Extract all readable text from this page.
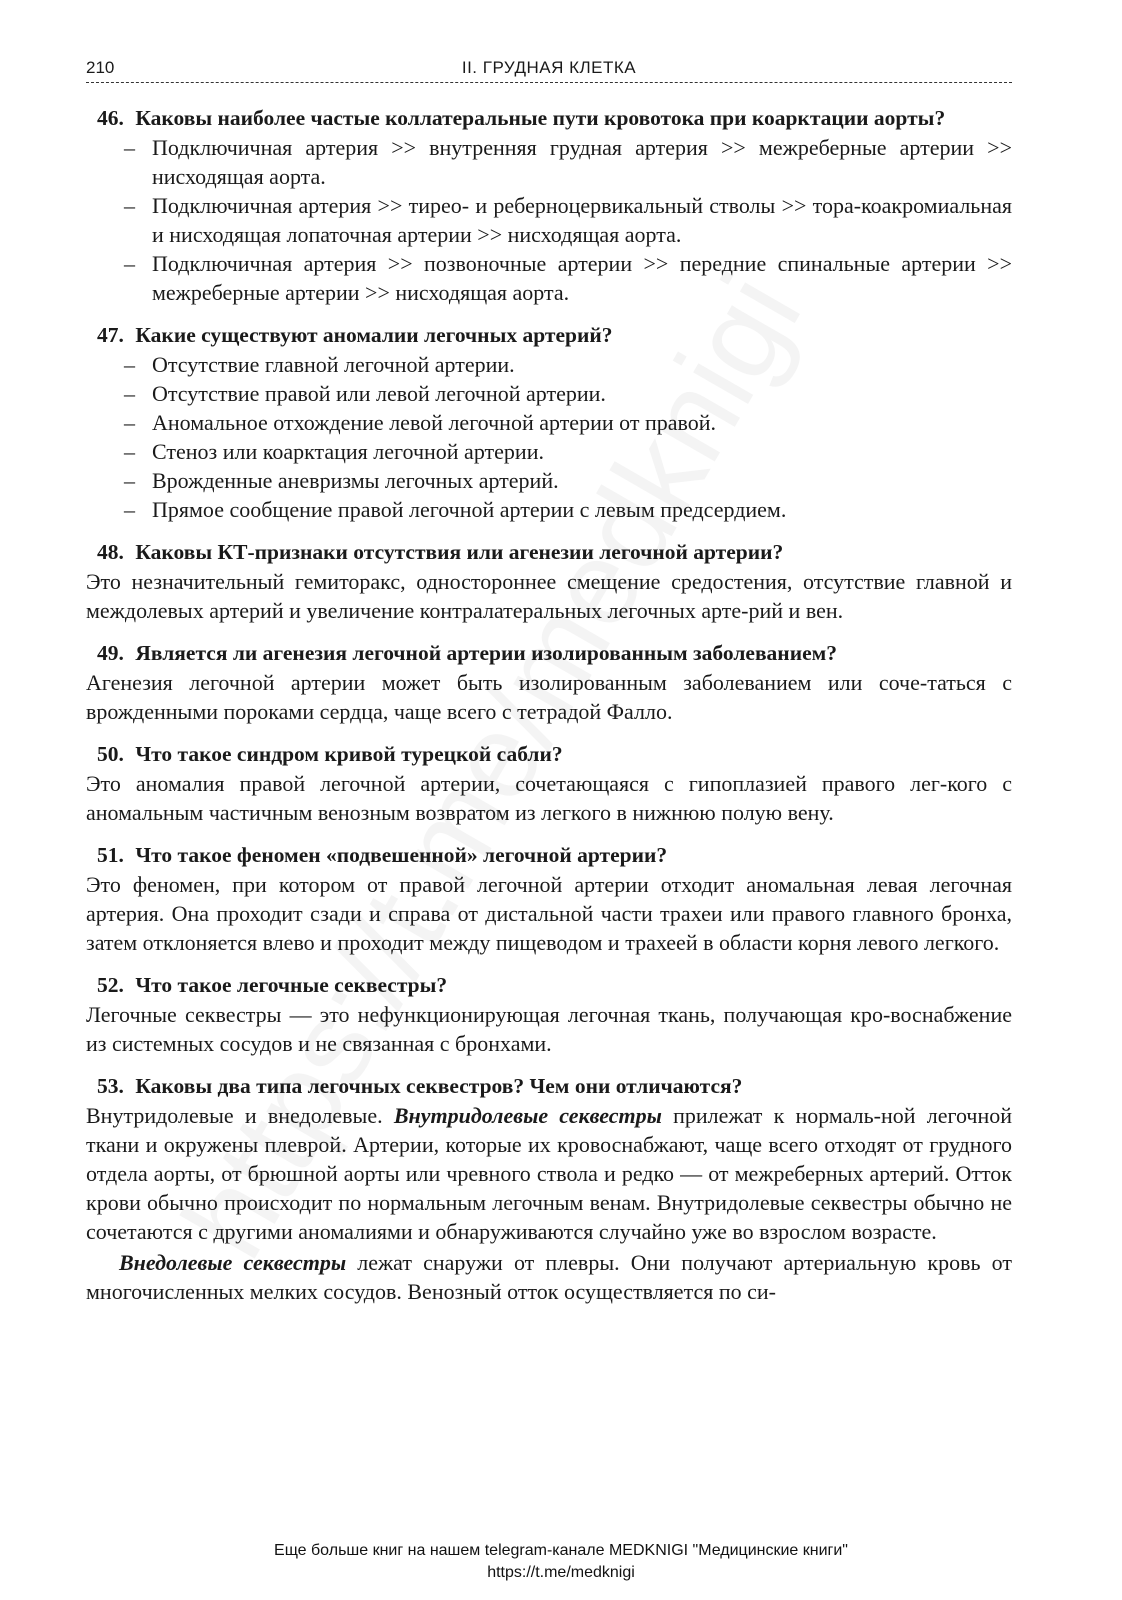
210	II. ГРУДНАЯ КЛЕТКА
46. Каковы наиболее частые коллатеральные пути кровотока при коарктации аорты?
– Подключичная артерия >> внутренняя грудная артерия >> межреберные артерии >> нисходящая аорта.
– Подключичная артерия >> тирео- и реберноцервикальный стволы >> тора-коакромиальная и нисходящая лопаточная артерии >> нисходящая аорта.
– Подключичная артерия >> позвоночные артерии >> передние спинальные артерии >> межреберные артерии >> нисходящая аорта.
47. Какие существуют аномалии легочных артерий?
– Отсутствие главной легочной артерии.
– Отсутствие правой или левой легочной артерии.
– Аномальное отхождение левой легочной артерии от правой.
– Стеноз или коарктация легочной артерии.
– Врожденные аневризмы легочных артерий.
– Прямое сообщение правой легочной артерии с левым предсердием.
48. Каковы КТ-признаки отсутствия или агенезии легочной артерии?
Это незначительный гемиторакс, одностороннее смещение средостения, отсутствие главной и междолевых артерий и увеличение контралатеральных легочных арте-рий и вен.
49. Является ли агенезия легочной артерии изолированным заболеванием?
Агенезия легочной артерии может быть изолированным заболеванием или соче-таться с врожденными пороками сердца, чаще всего с тетрадой Фалло.
50. Что такое синдром кривой турецкой сабли?
Это аномалия правой легочной артерии, сочетающаяся с гипоплазией правого лег-кого с аномальным частичным венозным возвратом из легкого в нижнюю полую вену.
51. Что такое феномен «подвешенной» легочной артерии?
Это феномен, при котором от правой легочной артерии отходит аномальная левая легочная артерия. Она проходит сзади и справа от дистальной части трахеи или правого главного бронха, затем отклоняется влево и проходит между пищеводом и трахеей в области корня левого легкого.
52. Что такое легочные секвестры?
Легочные секвестры — это нефункционирующая легочная ткань, получающая кро-воснабжение из системных сосудов и не связанная с бронхами.
53. Каковы два типа легочных секвестров? Чем они отличаются?
Внутридолевые и внедолевые. Внутридолевые секвестры прилежат к нормаль-ной легочной ткани и окружены плеврой. Артерии, которые их кровоснабжают, чаще всего отходят от грудного отдела аорты, от брюшной аорты или чревного ствола и редко — от межреберных артерий. Отток крови обычно происходит по нормальным легочным венам. Внутридолевые секвестры обычно не сочетаются с другими аномалиями и обнаруживаются случайно уже во взрослом возрасте.
Внедолевые секвестры лежат снаружи от плевры. Они получают артериальную кровь от многочисленных мелких сосудов. Венозный отток осуществляется по си-
Еще больше книг на нашем telegram-канале MEDKNIGI "Медицинские книги"
https://t.me/medknigi
